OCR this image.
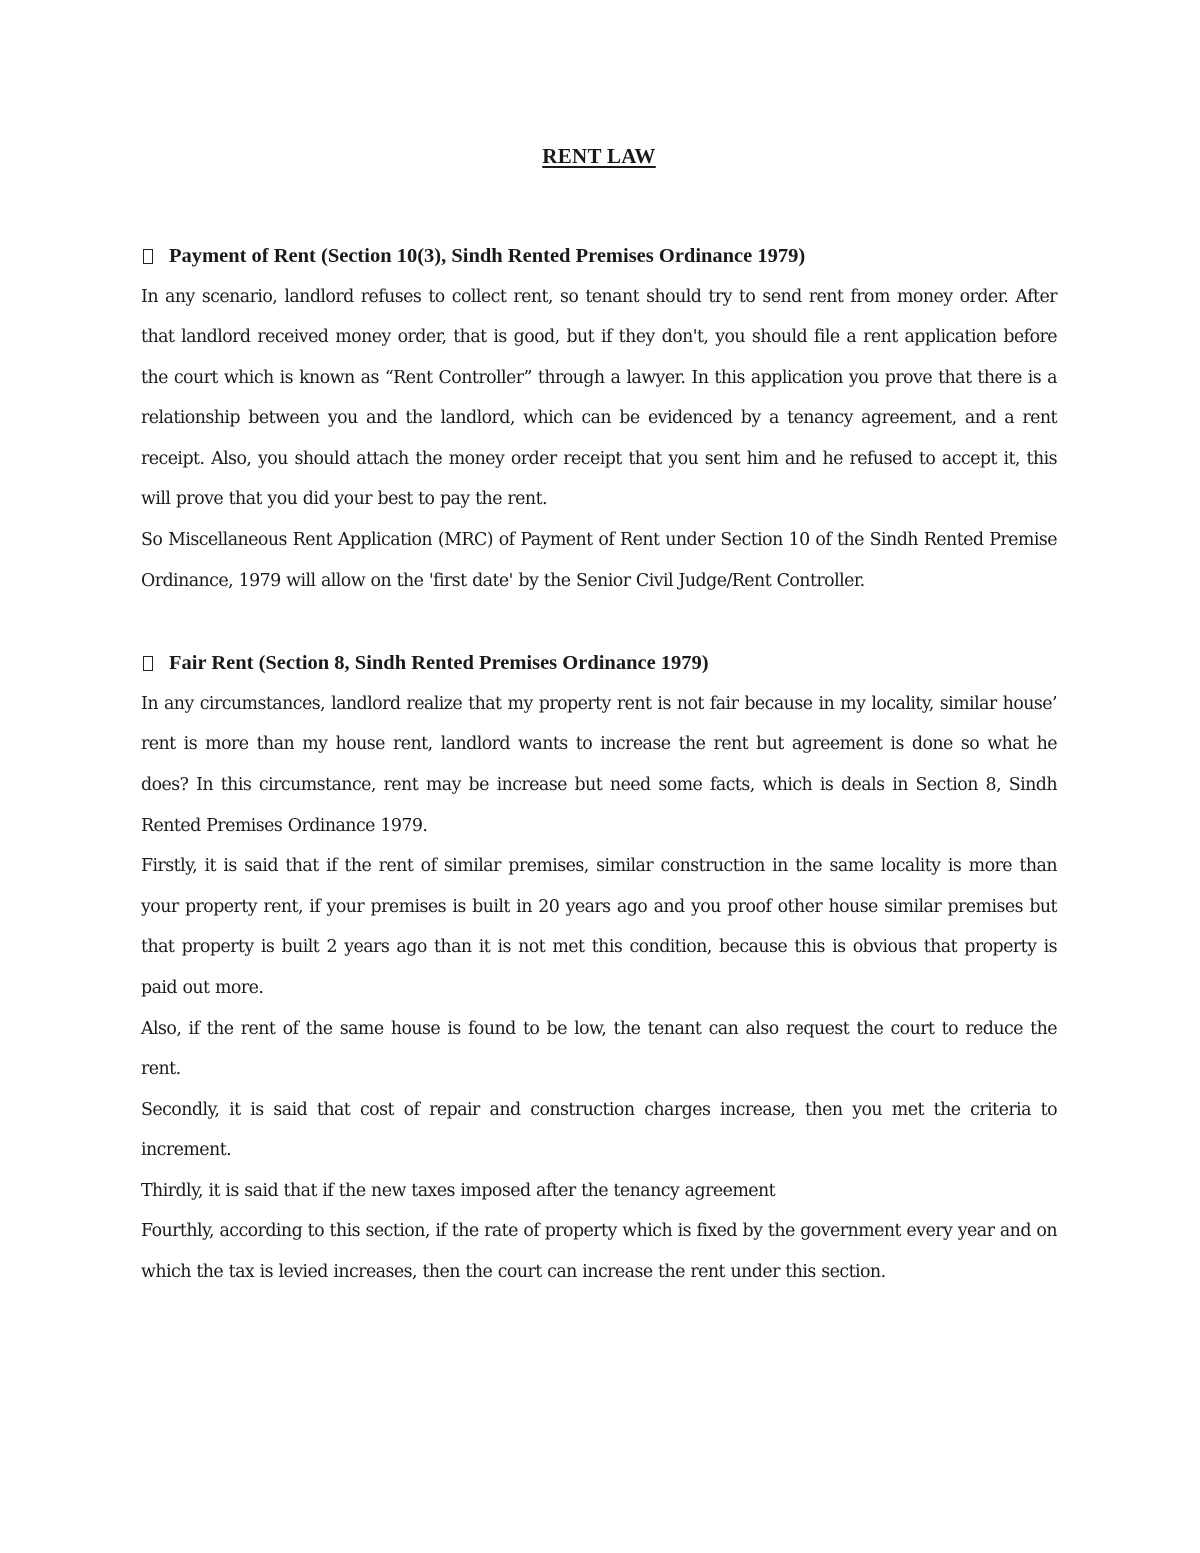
RENT LAW
Payment of Rent (Section 10(3), Sindh Rented Premises Ordinance 1979)

In any scenario, landlord refuses to collect rent, so tenant should try to send rent from money order. After that landlord received money order, that is good, but if they don't, you should file a rent application before the court which is known as “Rent Controller” through a lawyer. In this application you prove that there is a relationship between you and the landlord, which can be evidenced by a tenancy agreement, and a rent receipt. Also, you should attach the money order receipt that you sent him and he refused to accept it, this will prove that you did your best to pay the rent.

So Miscellaneous Rent Application (MRC) of Payment of Rent under Section 10 of the Sindh Rented Premise Ordinance, 1979 will allow on the 'first date' by the Senior Civil Judge/Rent Controller.

Fair Rent (Section 8, Sindh Rented Premises Ordinance 1979)

In any circumstances, landlord realize that my property rent is not fair because in my locality, similar house’ rent is more than my house rent, landlord wants to increase the rent but agreement is done so what he does? In this circumstance, rent may be increase but need some facts, which is deals in Section 8, Sindh Rented Premises Ordinance 1979.

Firstly, it is said that if the rent of similar premises, similar construction in the same locality is more than your property rent, if your premises is built in 20 years ago and you proof other house similar premises but that property is built 2 years ago than it is not met this condition, because this is obvious that property is paid out more.

Also, if the rent of the same house is found to be low, the tenant can also request the court to reduce the rent.

Secondly, it is said that cost of repair and construction charges increase, then you met the criteria to increment.

Thirdly, it is said that if the new taxes imposed after the tenancy agreement

Fourthly, according to this section, if the rate of property which is fixed by the government every year and on which the tax is levied increases, then the court can increase the rent under this section.
